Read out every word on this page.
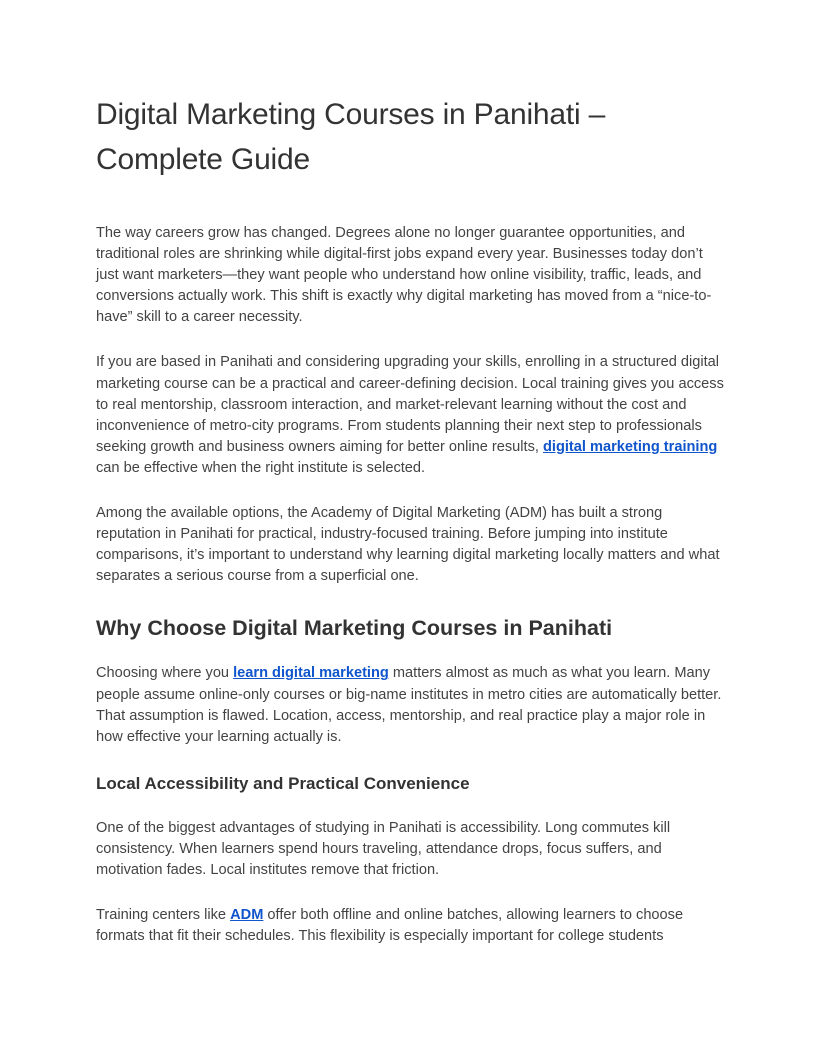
Digital Marketing Courses in Panihati – Complete Guide

The way careers grow has changed. Degrees alone no longer guarantee opportunities, and traditional roles are shrinking while digital-first jobs expand every year. Businesses today don’t just want marketers—they want people who understand how online visibility, traffic, leads, and conversions actually work. This shift is exactly why digital marketing has moved from a “nice-to-have” skill to a career necessity.

If you are based in Panihati and considering upgrading your skills, enrolling in a structured digital marketing course can be a practical and career-defining decision. Local training gives you access to real mentorship, classroom interaction, and market-relevant learning without the cost and inconvenience of metro-city programs. From students planning their next step to professionals seeking growth and business owners aiming for better online results, digital marketing training can be effective when the right institute is selected.

Among the available options, the Academy of Digital Marketing (ADM) has built a strong reputation in Panihati for practical, industry-focused training. Before jumping into institute comparisons, it’s important to understand why learning digital marketing locally matters and what separates a serious course from a superficial one.

Why Choose Digital Marketing Courses in Panihati

Choosing where you learn digital marketing matters almost as much as what you learn. Many people assume online-only courses or big-name institutes in metro cities are automatically better. That assumption is flawed. Location, access, mentorship, and real practice play a major role in how effective your learning actually is.

Local Accessibility and Practical Convenience

One of the biggest advantages of studying in Panihati is accessibility. Long commutes kill consistency. When learners spend hours traveling, attendance drops, focus suffers, and motivation fades. Local institutes remove that friction.

Training centers like ADM offer both offline and online batches, allowing learners to choose formats that fit their schedules. This flexibility is especially important for college students
